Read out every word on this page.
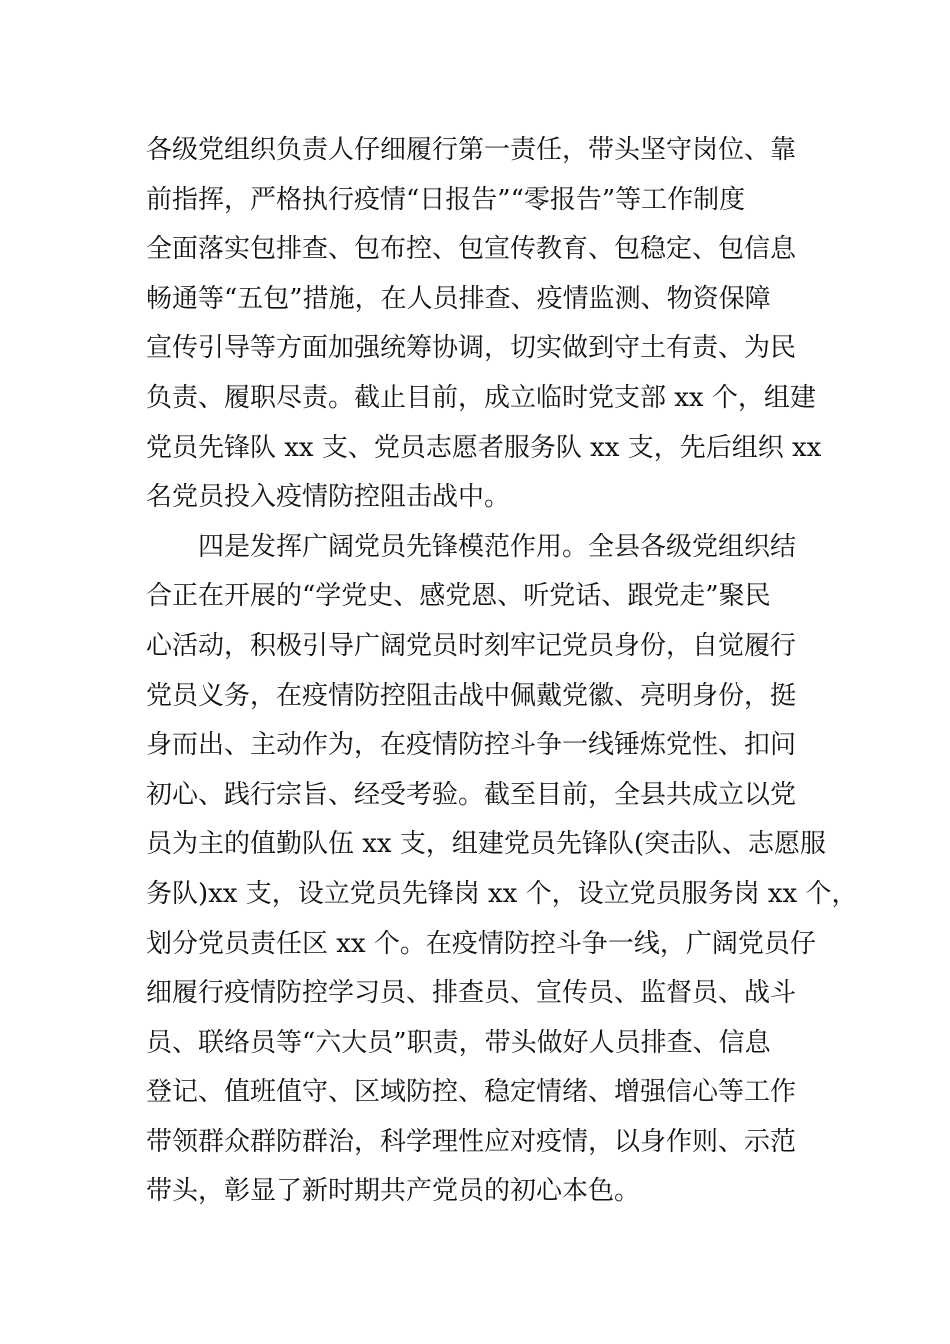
各级党组织负责人仔细履行第一责任，带头坚守岗位、靠
前指挥，严格执行疫情“日报告”“零报告”等工作制度
全面落实包排查、包布控、包宣传教育、包稳定、包信息
畅通等“五包”措施，在人员排查、疫情监测、物资保障
宣传引导等方面加强统筹协调，切实做到守土有责、为民
负责、履职尽责。截止目前，成立临时党支部 xx 个，组建
党员先锋队 xx 支、党员志愿者服务队 xx 支，先后组织 xx
名党员投入疫情防控阻击战中。
四是发挥广阔党员先锋模范作用。全县各级党组织结
合正在开展的“学党史、感党恩、听党话、跟党走”聚民
心活动，积极引导广阔党员时刻牢记党员身份，自觉履行
党员义务，在疫情防控阻击战中佩戴党徽、亮明身份，挺
身而出、主动作为，在疫情防控斗争一线锤炼党性、扣问
初心、践行宗旨、经受考验。截至目前，全县共成立以党
员为主的值勤队伍 xx 支，组建党员先锋队(突击队、志愿服
务队)xx 支，设立党员先锋岗 xx 个，设立党员服务岗 xx 个，
划分党员责任区 xx 个。在疫情防控斗争一线，广阔党员仔
细履行疫情防控学习员、排查员、宣传员、监督员、战斗
员、联络员等“六大员”职责，带头做好人员排查、信息
登记、值班值守、区域防控、稳定情绪、增强信心等工作
带领群众群防群治，科学理性应对疫情，以身作则、示范
带头，彰显了新时期共产党员的初心本色。
